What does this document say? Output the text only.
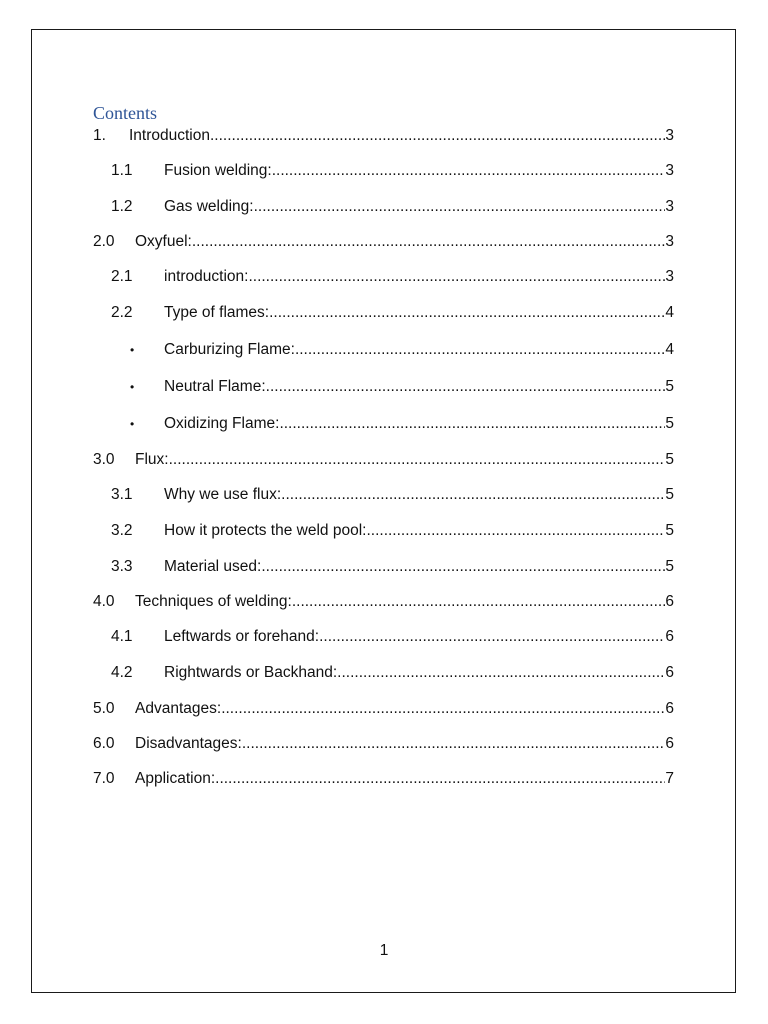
Contents
1. Introduction .....	3
1.1 Fusion welding: .....	3
1.2 Gas welding: .....	3
2.0 Oxyfuel: .....	3
2.1 introduction: .....	3
2.2 Type of flames: .....	4
• Carburizing Flame: .....	4
• Neutral Flame: .....	5
• Oxidizing Flame: .....	5
3.0 Flux: .....	5
3.1 Why we use flux: .....	5
3.2 How it protects the weld pool: .....	5
3.3 Material used: .....	5
4.0 Techniques of welding: .....	6
4.1 Leftwards or forehand: .....	6
4.2 Rightwards or Backhand: .....	6
5.0 Advantages: .....	6
6.0 Disadvantages: .....	6
7.0 Application: .....	7
1
